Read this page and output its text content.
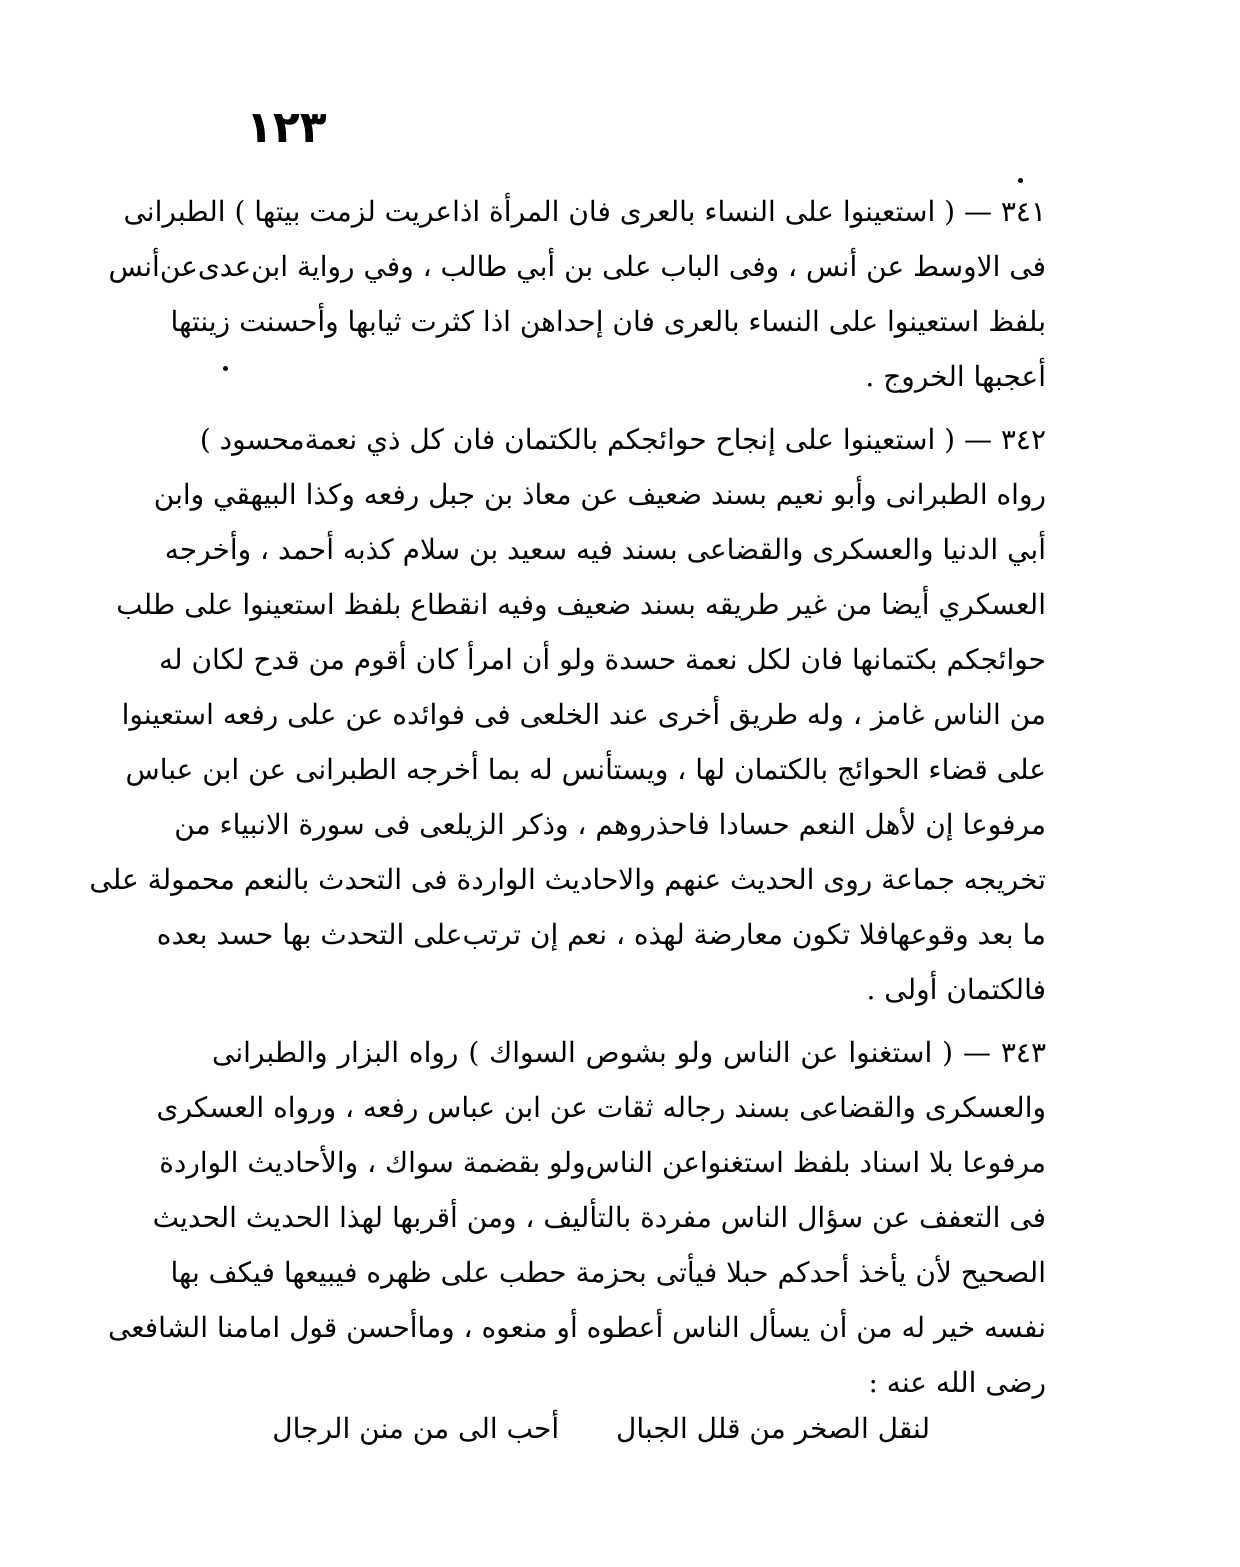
١٢٣
٣٤١ — ( استعينوا على النساء بالعرى فان المرأة اذاعريت لزمت بيتها ) الطبرانى
فى الاوسط عن أنس ، وفى الباب على بن أبي طالب ، وفي رواية ابن‌عدى‌عن‌أنس
بلفظ استعينوا على النساء بالعرى فان إحداهن اذا كثرت ثيابها وأحسنت زينتها
أعجبها الخروج .
٣٤٢ — ( استعينوا على إنجاح حوائجكم بالكتمان فان كل ذي نعمة‌محسود )
رواه الطبرانى وأبو نعيم بسند ضعيف عن معاذ بن جبل رفعه وكذا البيهقي وابن
أبي الدنيا والعسكرى والقضاعى بسند فيه سعيد بن سلام كذبه أحمد ، وأخرجه
العسكري أيضا من غير طريقه بسند ضعيف وفيه انقطاع بلفظ استعينوا على طلب
حوائجكم بكتمانها فان لكل نعمة حسدة ولو أن امرأ كان أقوم من قدح لكان له
من الناس غامز ، وله طريق أخرى عند الخلعى فى فوائده عن على رفعه استعينوا
على قضاء الحوائج بالكتمان لها ، ويستأنس له بما أخرجه الطبرانى عن ابن عباس
مرفوعا إن لأهل النعم حسادا فاحذروهم ، وذكر الزيلعى فى سورة الانبياء من
تخريجه جماعة روى الحديث عنهم والاحاديث الواردة فى التحدث بالنعم محمولة على
ما بعد وقوعهافلا تكون معارضة لهذه ، نعم إن ترتب‌على التحدث بها حسد بعده
فالكتمان أولى .
٣٤٣ — ( استغنوا عن الناس ولو بشوص السواك ) رواه البزار والطبرانى
والعسكرى والقضاعى بسند رجاله ثقات عن ابن عباس رفعه ، ورواه العسكرى
مرفوعا بلا اسناد بلفظ استغنواعن الناس‌ولو بقضمة سواك ، والأحاديث الواردة
فى التعفف عن سؤال الناس مفردة بالتأليف ، ومن أقربها لهذا الحديث الحديث
الصحيح لأن يأخذ أحدكم حبلا فيأتى بحزمة حطب على ظهره فيبيعها فيكف بها
نفسه خير له من أن يسأل الناس أعطوه أو منعوه ، وماأحسن قول امامنا الشافعى
رضى الله عنه :
لنقل الصخر من قلل الجبال أحب الى من منن الرجال
